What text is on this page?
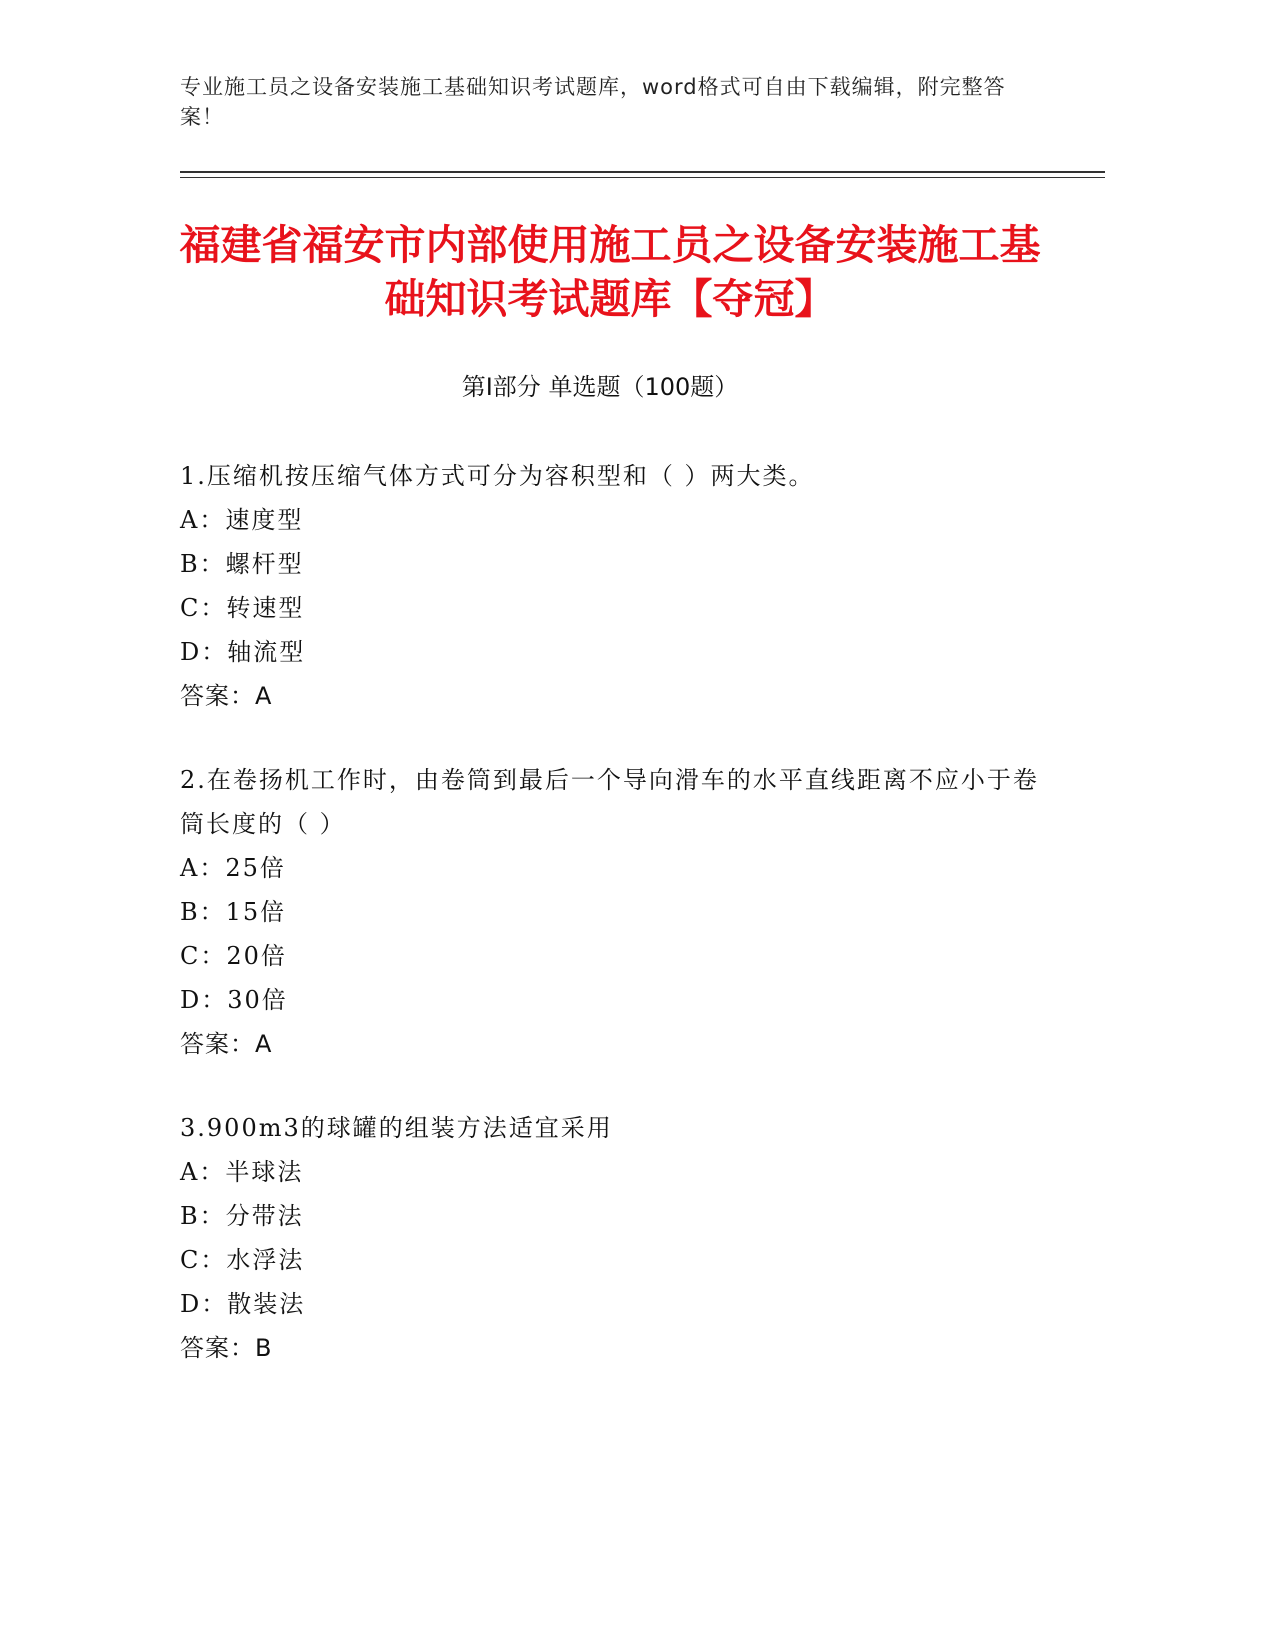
专业施工员之设备安装施工基础知识考试题库，word格式可自由下载编辑，附完整答案！
福建省福安市内部使用施工员之设备安装施工基础知识考试题库【夺冠】
第Ⅰ部分 单选题（100题）
1.压缩机按压缩气体方式可分为容积型和（ ）两大类。
A：速度型
B：螺杆型
C：转速型
D：轴流型
答案：A
2.在卷扬机工作时，由卷筒到最后一个导向滑车的水平直线距离不应小于卷筒长度的（ ）
A：25倍
B：15倍
C：20倍
D：30倍
答案：A
3.900m3的球罐的组装方法适宜采用
A：半球法
B：分带法
C：水浮法
D：散装法
答案：B
